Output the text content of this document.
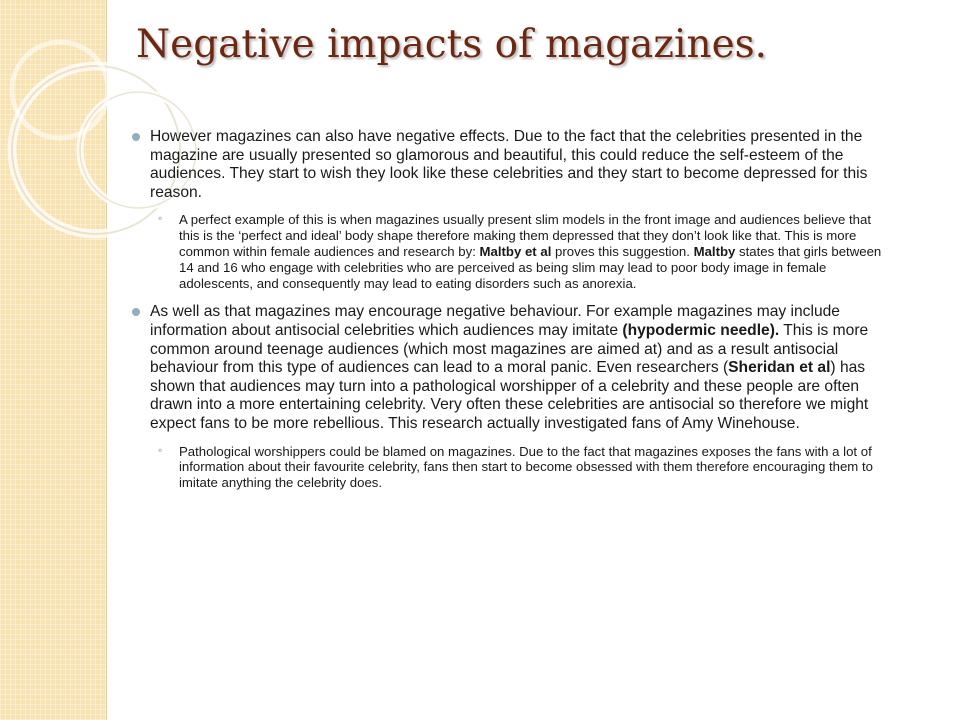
Negative impacts of magazines.
However magazines can also have negative effects. Due to the fact that the celebrities presented in the magazine are usually presented so glamorous and beautiful, this could reduce the self-esteem of the audiences. They start to wish they look like these celebrities and they start to become depressed for this reason.
◦ A perfect example of this is when magazines usually present slim models in the front image and audiences believe that this is the ‘perfect and ideal’ body shape therefore making them depressed that they don’t look like that. This is more common within female audiences and research by: Maltby et al proves this suggestion. Maltby states that girls between 14 and 16 who engage with celebrities who are perceived as being slim may lead to poor body image in female adolescents, and consequently may lead to eating disorders such as anorexia.
As well as that magazines may encourage negative behaviour. For example magazines may include information about antisocial celebrities which audiences may imitate (hypodermic needle). This is more common around teenage audiences (which most magazines are aimed at) and as a result antisocial behaviour from this type of audiences can lead to a moral panic. Even researchers (Sheridan et al) has shown that audiences may turn into a pathological worshipper of a celebrity and these people are often drawn into a more entertaining celebrity. Very often these celebrities are antisocial so therefore we might expect fans to be more rebellious. This research actually investigated fans of Amy Winehouse.
◦ Pathological worshippers could be blamed on magazines. Due to the fact that magazines exposes the fans with a lot of information about their favourite celebrity, fans then start to become obsessed with them therefore encouraging them to imitate anything the celebrity does.
